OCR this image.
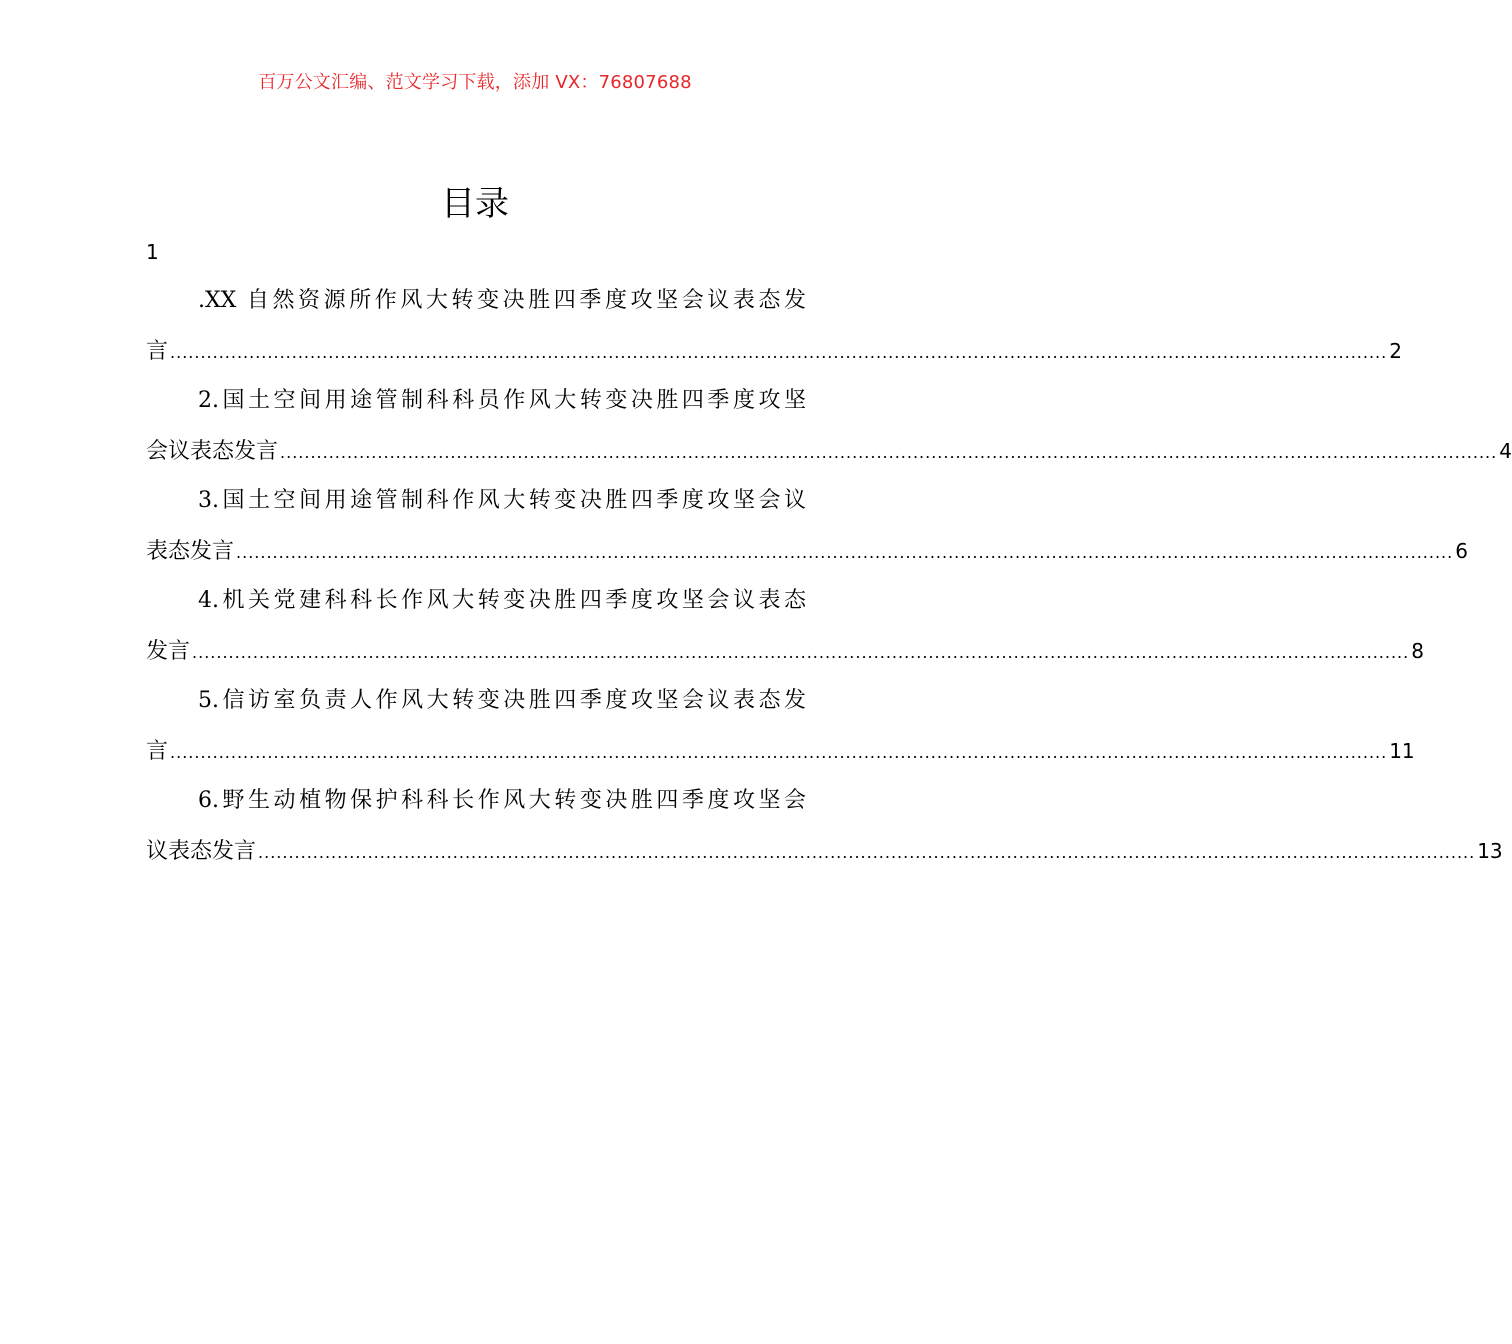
百万公文汇编、范文学习下载，添加 VX：76807688
目录
1
.XX 自然资源所作风大转变决胜四季度攻坚会议表态发
言 ........................................................................................................................................................................................................ 2
2.国土空间用途管制科科员作风大转变决胜四季度攻坚
会议表态发言 ........................................................................................................................................................................................................ 4
3.国土空间用途管制科作风大转变决胜四季度攻坚会议
表态发言 ........................................................................................................................................................................................................ 6
4.机关党建科科长作风大转变决胜四季度攻坚会议表态
发言 ........................................................................................................................................................................................................ 8
5.信访室负责人作风大转变决胜四季度攻坚会议表态发
言 ........................................................................................................................................................................................................ 11
6.野生动植物保护科科长作风大转变决胜四季度攻坚会
议表态发言 ........................................................................................................................................................................................................ 13
